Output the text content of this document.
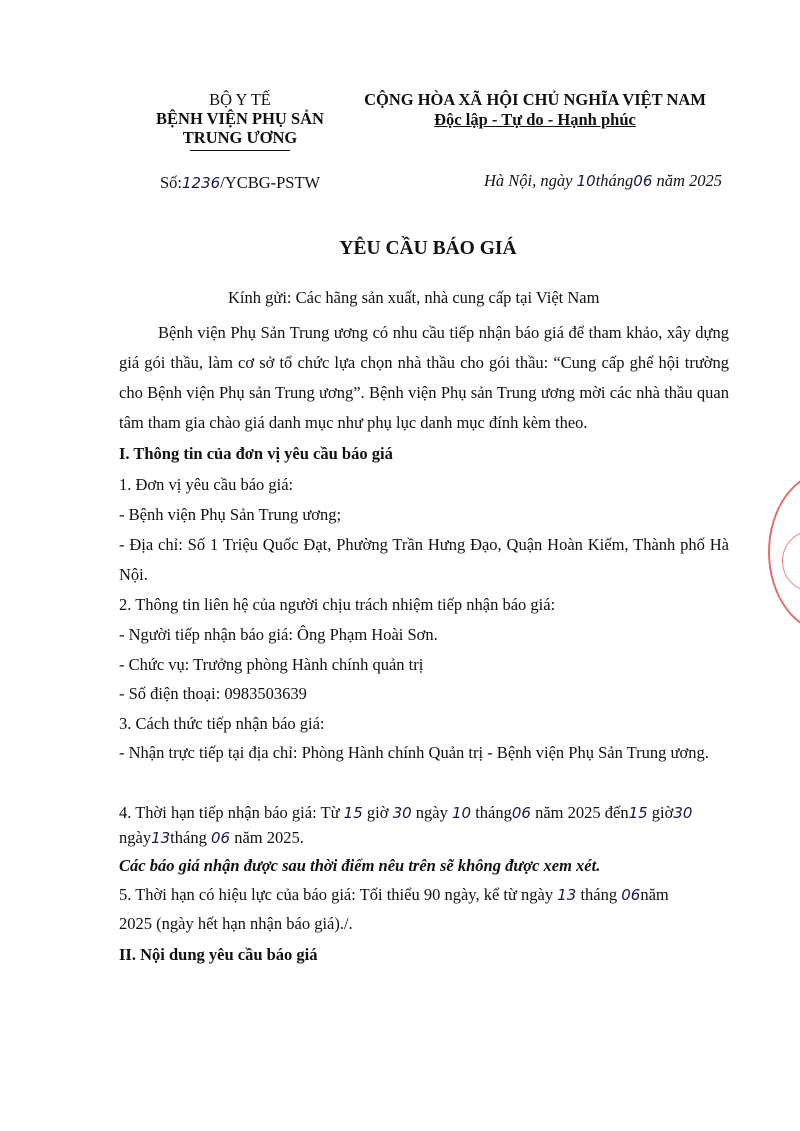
BỘ Y TẾ
BỆNH VIỆN PHỤ SẢN
TRUNG ƯƠNG
Số:1236/YCBG-PSTW
CỘNG HÒA XÃ HỘI CHỦ NGHĨA VIỆT NAM
Độc lập - Tự do - Hạnh phúc
Hà Nội, ngày 10tháng06 năm 2025
YÊU CẦU BÁO GIÁ
Kính gửi: Các hãng sản xuất, nhà cung cấp tại Việt Nam
Bệnh viện Phụ Sản Trung ương có nhu cầu tiếp nhận báo giá để tham khảo, xây dựng giá gói thầu, làm cơ sở tổ chức lựa chọn nhà thầu cho gói thầu: “Cung cấp ghế hội trường cho Bệnh viện Phụ sản Trung ương”. Bệnh viện Phụ sản Trung ương mời các nhà thầu quan tâm tham gia chào giá danh mục như phụ lục danh mục đính kèm theo.
I. Thông tin của đơn vị yêu cầu báo giá
1. Đơn vị yêu cầu báo giá:
- Bệnh viện Phụ Sản Trung ương;
- Địa chỉ: Số 1 Triệu Quốc Đạt, Phường Trần Hưng Đạo, Quận Hoàn Kiếm, Thành phố Hà Nội.
2. Thông tin liên hệ của người chịu trách nhiệm tiếp nhận báo giá:
- Người tiếp nhận báo giá: Ông Phạm Hoài Sơn.
- Chức vụ: Trưởng phòng Hành chính quản trị
- Số điện thoại: 0983503639
3. Cách thức tiếp nhận báo giá:
- Nhận trực tiếp tại địa chỉ: Phòng Hành chính Quản trị - Bệnh viện Phụ Sản Trung ương.
4. Thời hạn tiếp nhận báo giá: Từ 15 giờ 30 ngày 10 tháng06 năm 2025 đến15 giờ30
ngày13tháng 06 năm 2025.
Các báo giá nhận được sau thời điểm nêu trên sẽ không được xem xét.
5. Thời hạn có hiệu lực của báo giá: Tối thiểu 90 ngày, kể từ ngày 13 tháng 06năm
2025 (ngày hết hạn nhận báo giá)./.
II. Nội dung yêu cầu báo giá
